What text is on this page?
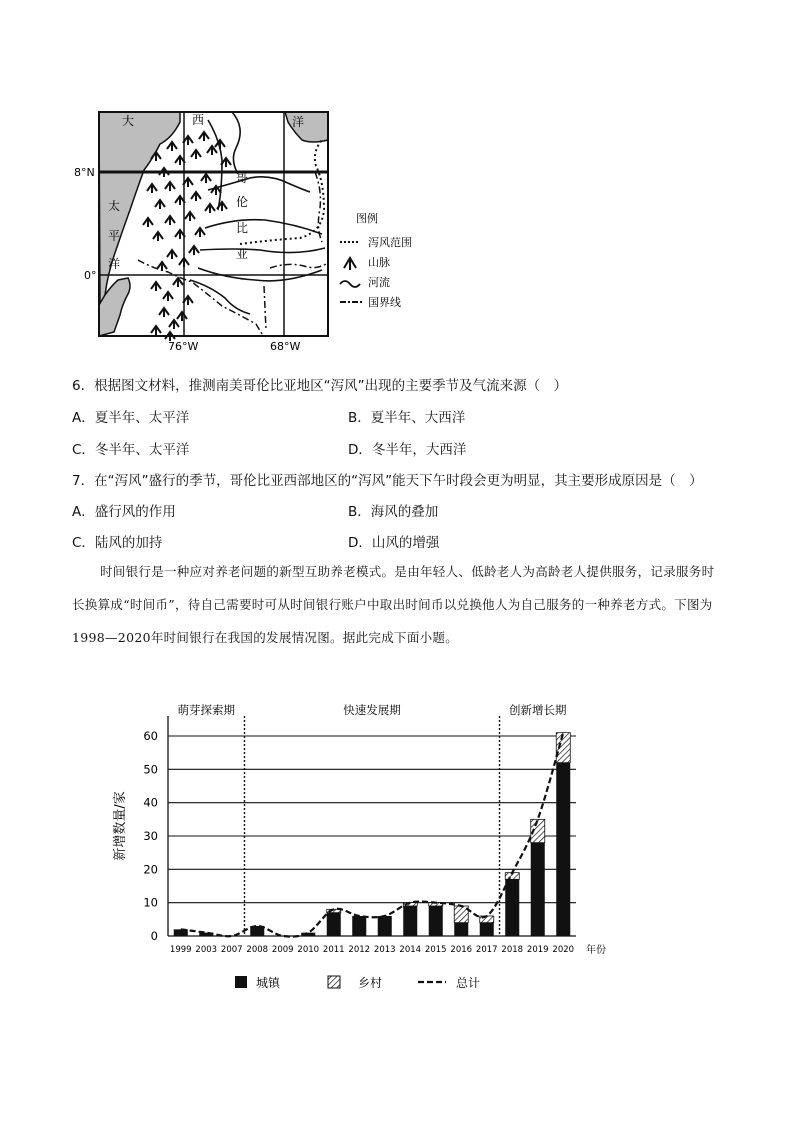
大	西	洋
太
平
洋
哥
伦
比
亚
8°N
0°
76°W	68°W
图例
泻风范围
山脉
河流
国界线
6．根据图文材料，推测南美哥伦比亚地区“泻风”出现的主要季节及气流来源（　）
A．夏半年、太平洋	B．夏半年、大西洋
C．冬半年、太平洋	D．冬半年，大西洋
7．在“泻风”盛行的季节，哥伦比亚西部地区的“泻风”能天下午时段会更为明显，其主要形成原因是（　）
A．盛行风的作用	B．海风的叠加
C．陆风的加持	D．山风的增强
时间银行是一种应对养老问题的新型互助养老模式。是由年轻人、低龄老人为高龄老人提供服务，记录服务时长换算成“时间币”，待自己需要时可从时间银行账户中取出时间币以兑换他人为自己服务的一种养老方式。下图为1998—2020年时间银行在我国的发展情况图。据此完成下面小题。
0
10
20
30
40
50
60
新增数量/家
萌芽探索期	快速发展期	创新增长期
1999 2003 2007 2008 2009 2010 2011 2012 2013 2014 2015 2016 2017 2018 2019 2020 年份
城镇	乡村	总计
